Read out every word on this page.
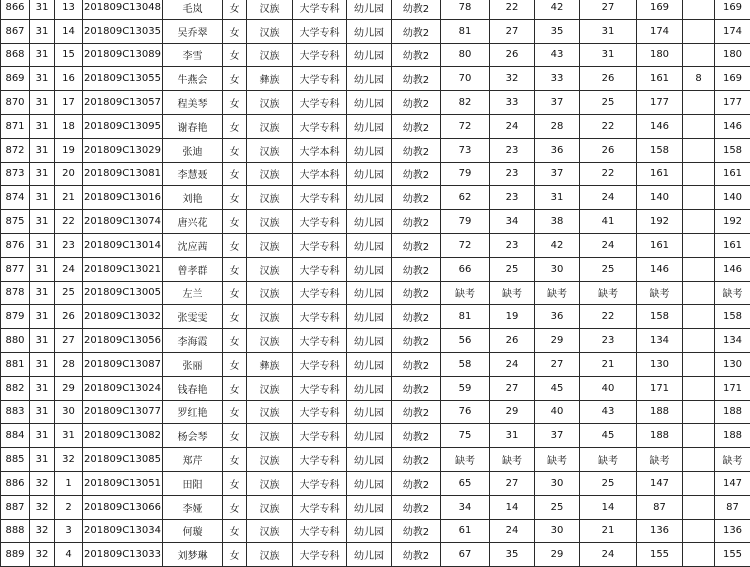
866	31	13	201809C13048	毛岚	女	汉族	大学专科	幼儿园	幼教2	78	22	42	27	169		169
867	31	14	201809C13035	吴乔翠	女	汉族	大学专科	幼儿园	幼教2	81	27	35	31	174		174
868	31	15	201809C13089	李雪	女	汉族	大学专科	幼儿园	幼教2	80	26	43	31	180		180
869	31	16	201809C13055	牛燕会	女	彝族	大学专科	幼儿园	幼教2	70	32	33	26	161	8	169
870	31	17	201809C13057	程美琴	女	汉族	大学专科	幼儿园	幼教2	82	33	37	25	177		177
871	31	18	201809C13095	谢春艳	女	汉族	大学专科	幼儿园	幼教2	72	24	28	22	146		146
872	31	19	201809C13029	张迪	女	汉族	大学本科	幼儿园	幼教2	73	23	36	26	158		158
873	31	20	201809C13081	李慧聂	女	汉族	大学本科	幼儿园	幼教2	79	23	37	22	161		161
874	31	21	201809C13016	刘艳	女	汉族	大学专科	幼儿园	幼教2	62	23	31	24	140		140
875	31	22	201809C13074	唐兴花	女	汉族	大学专科	幼儿园	幼教2	79	34	38	41	192		192
876	31	23	201809C13014	沈应茜	女	汉族	大学专科	幼儿园	幼教2	72	23	42	24	161		161
877	31	24	201809C13021	曾孝群	女	汉族	大学专科	幼儿园	幼教2	66	25	30	25	146		146
878	31	25	201809C13005	左兰	女	汉族	大学专科	幼儿园	幼教2	缺考	缺考	缺考	缺考	缺考		缺考
879	31	26	201809C13032	张雯雯	女	汉族	大学专科	幼儿园	幼教2	81	19	36	22	158		158
880	31	27	201809C13056	李海霞	女	汉族	大学专科	幼儿园	幼教2	56	26	29	23	134		134
881	31	28	201809C13087	张丽	女	彝族	大学专科	幼儿园	幼教2	58	24	27	21	130		130
882	31	29	201809C13024	钱春艳	女	汉族	大学专科	幼儿园	幼教2	59	27	45	40	171		171
883	31	30	201809C13077	罗红艳	女	汉族	大学专科	幼儿园	幼教2	76	29	40	43	188		188
884	31	31	201809C13082	杨会琴	女	汉族	大学专科	幼儿园	幼教2	75	31	37	45	188		188
885	31	32	201809C13085	郑芹	女	汉族	大学专科	幼儿园	幼教2	缺考	缺考	缺考	缺考	缺考		缺考
886	32	1	201809C13051	田阳	女	汉族	大学专科	幼儿园	幼教2	65	27	30	25	147		147
887	32	2	201809C13066	李娅	女	汉族	大学专科	幼儿园	幼教2	34	14	25	14	87		87
888	32	3	201809C13034	何璇	女	汉族	大学专科	幼儿园	幼教2	61	24	30	21	136		136
889	32	4	201809C13033	刘梦琳	女	汉族	大学专科	幼儿园	幼教2	67	35	29	24	155		155
